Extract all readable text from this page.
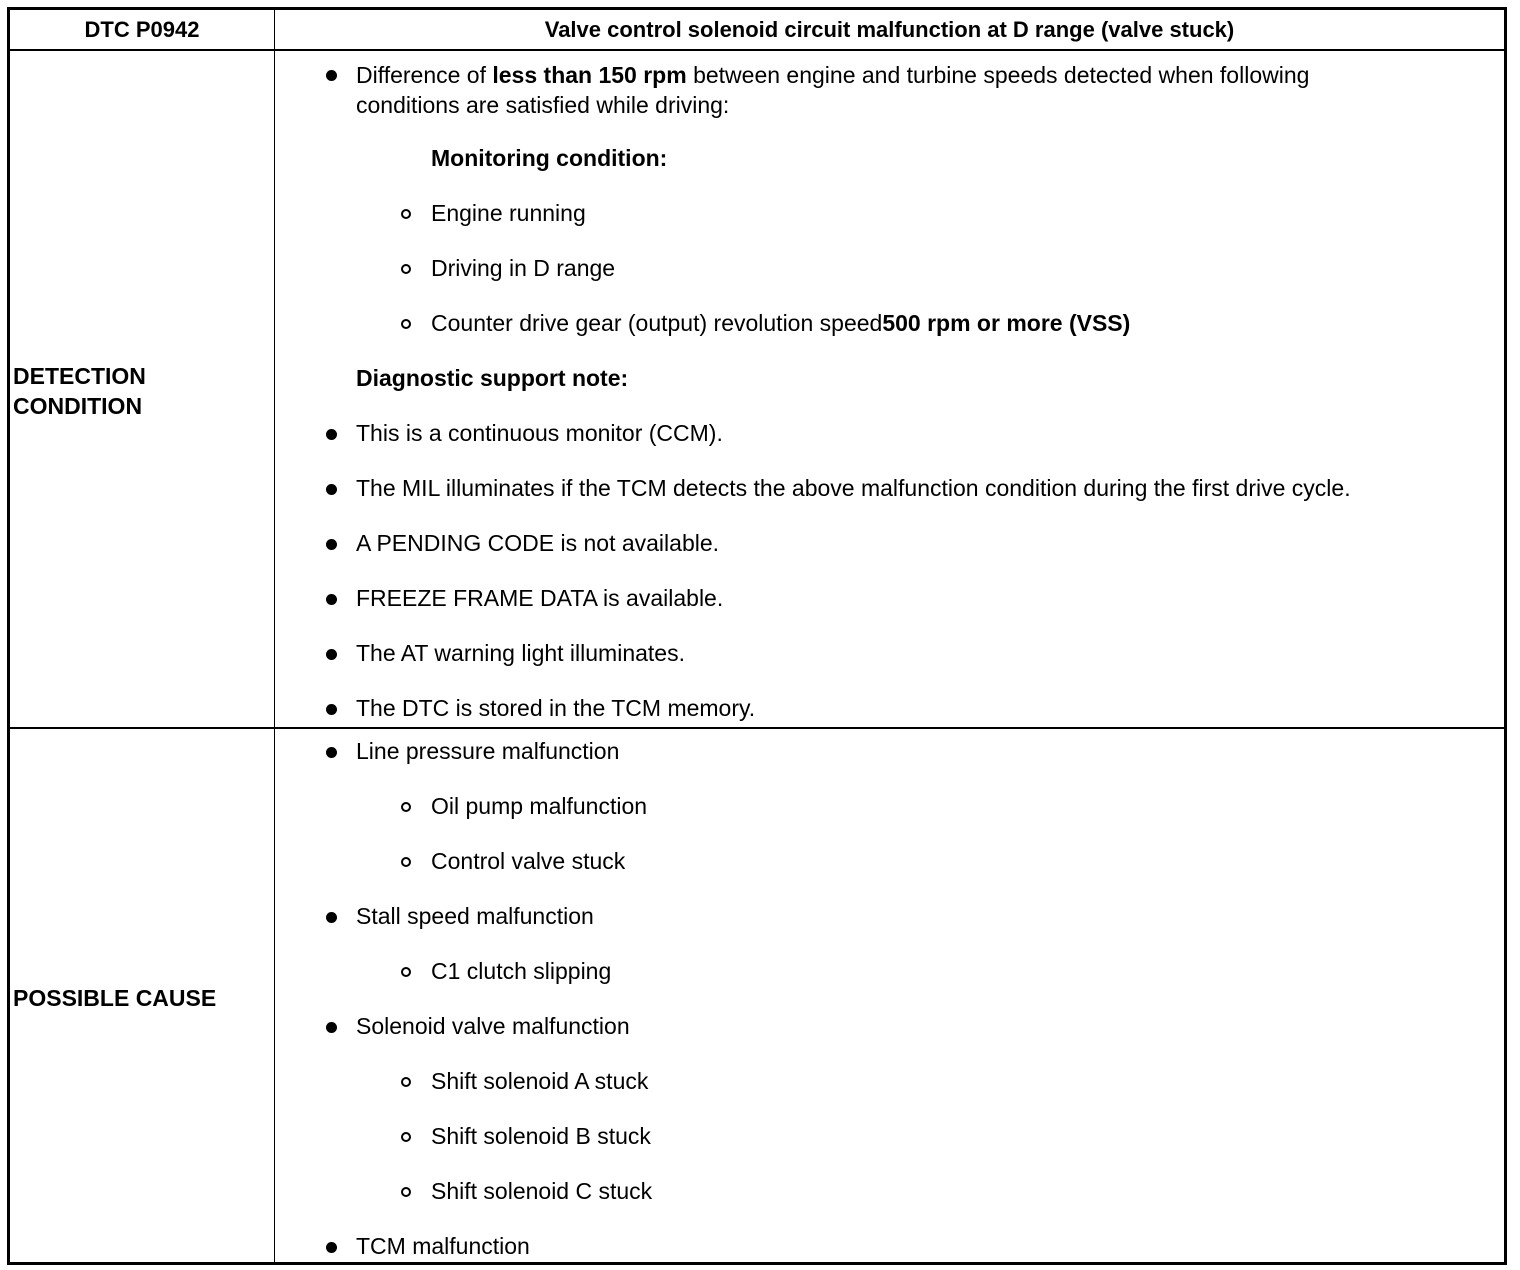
DTC P0942	Valve control solenoid circuit malfunction at D range (valve stuck)
DETECTION
CONDITION
Difference of less than 150 rpm between engine and turbine speeds detected when following conditions are satisfied while driving:
Monitoring condition:
Engine running
Driving in D range
Counter drive gear (output) revolution speed500 rpm or more (VSS)
Diagnostic support note:
This is a continuous monitor (CCM).
The MIL illuminates if the TCM detects the above malfunction condition during the first drive cycle.
A PENDING CODE is not available.
FREEZE FRAME DATA is available.
The AT warning light illuminates.
The DTC is stored in the TCM memory.
POSSIBLE CAUSE
Line pressure malfunction
Oil pump malfunction
Control valve stuck
Stall speed malfunction
C1 clutch slipping
Solenoid valve malfunction
Shift solenoid A stuck
Shift solenoid B stuck
Shift solenoid C stuck
TCM malfunction
